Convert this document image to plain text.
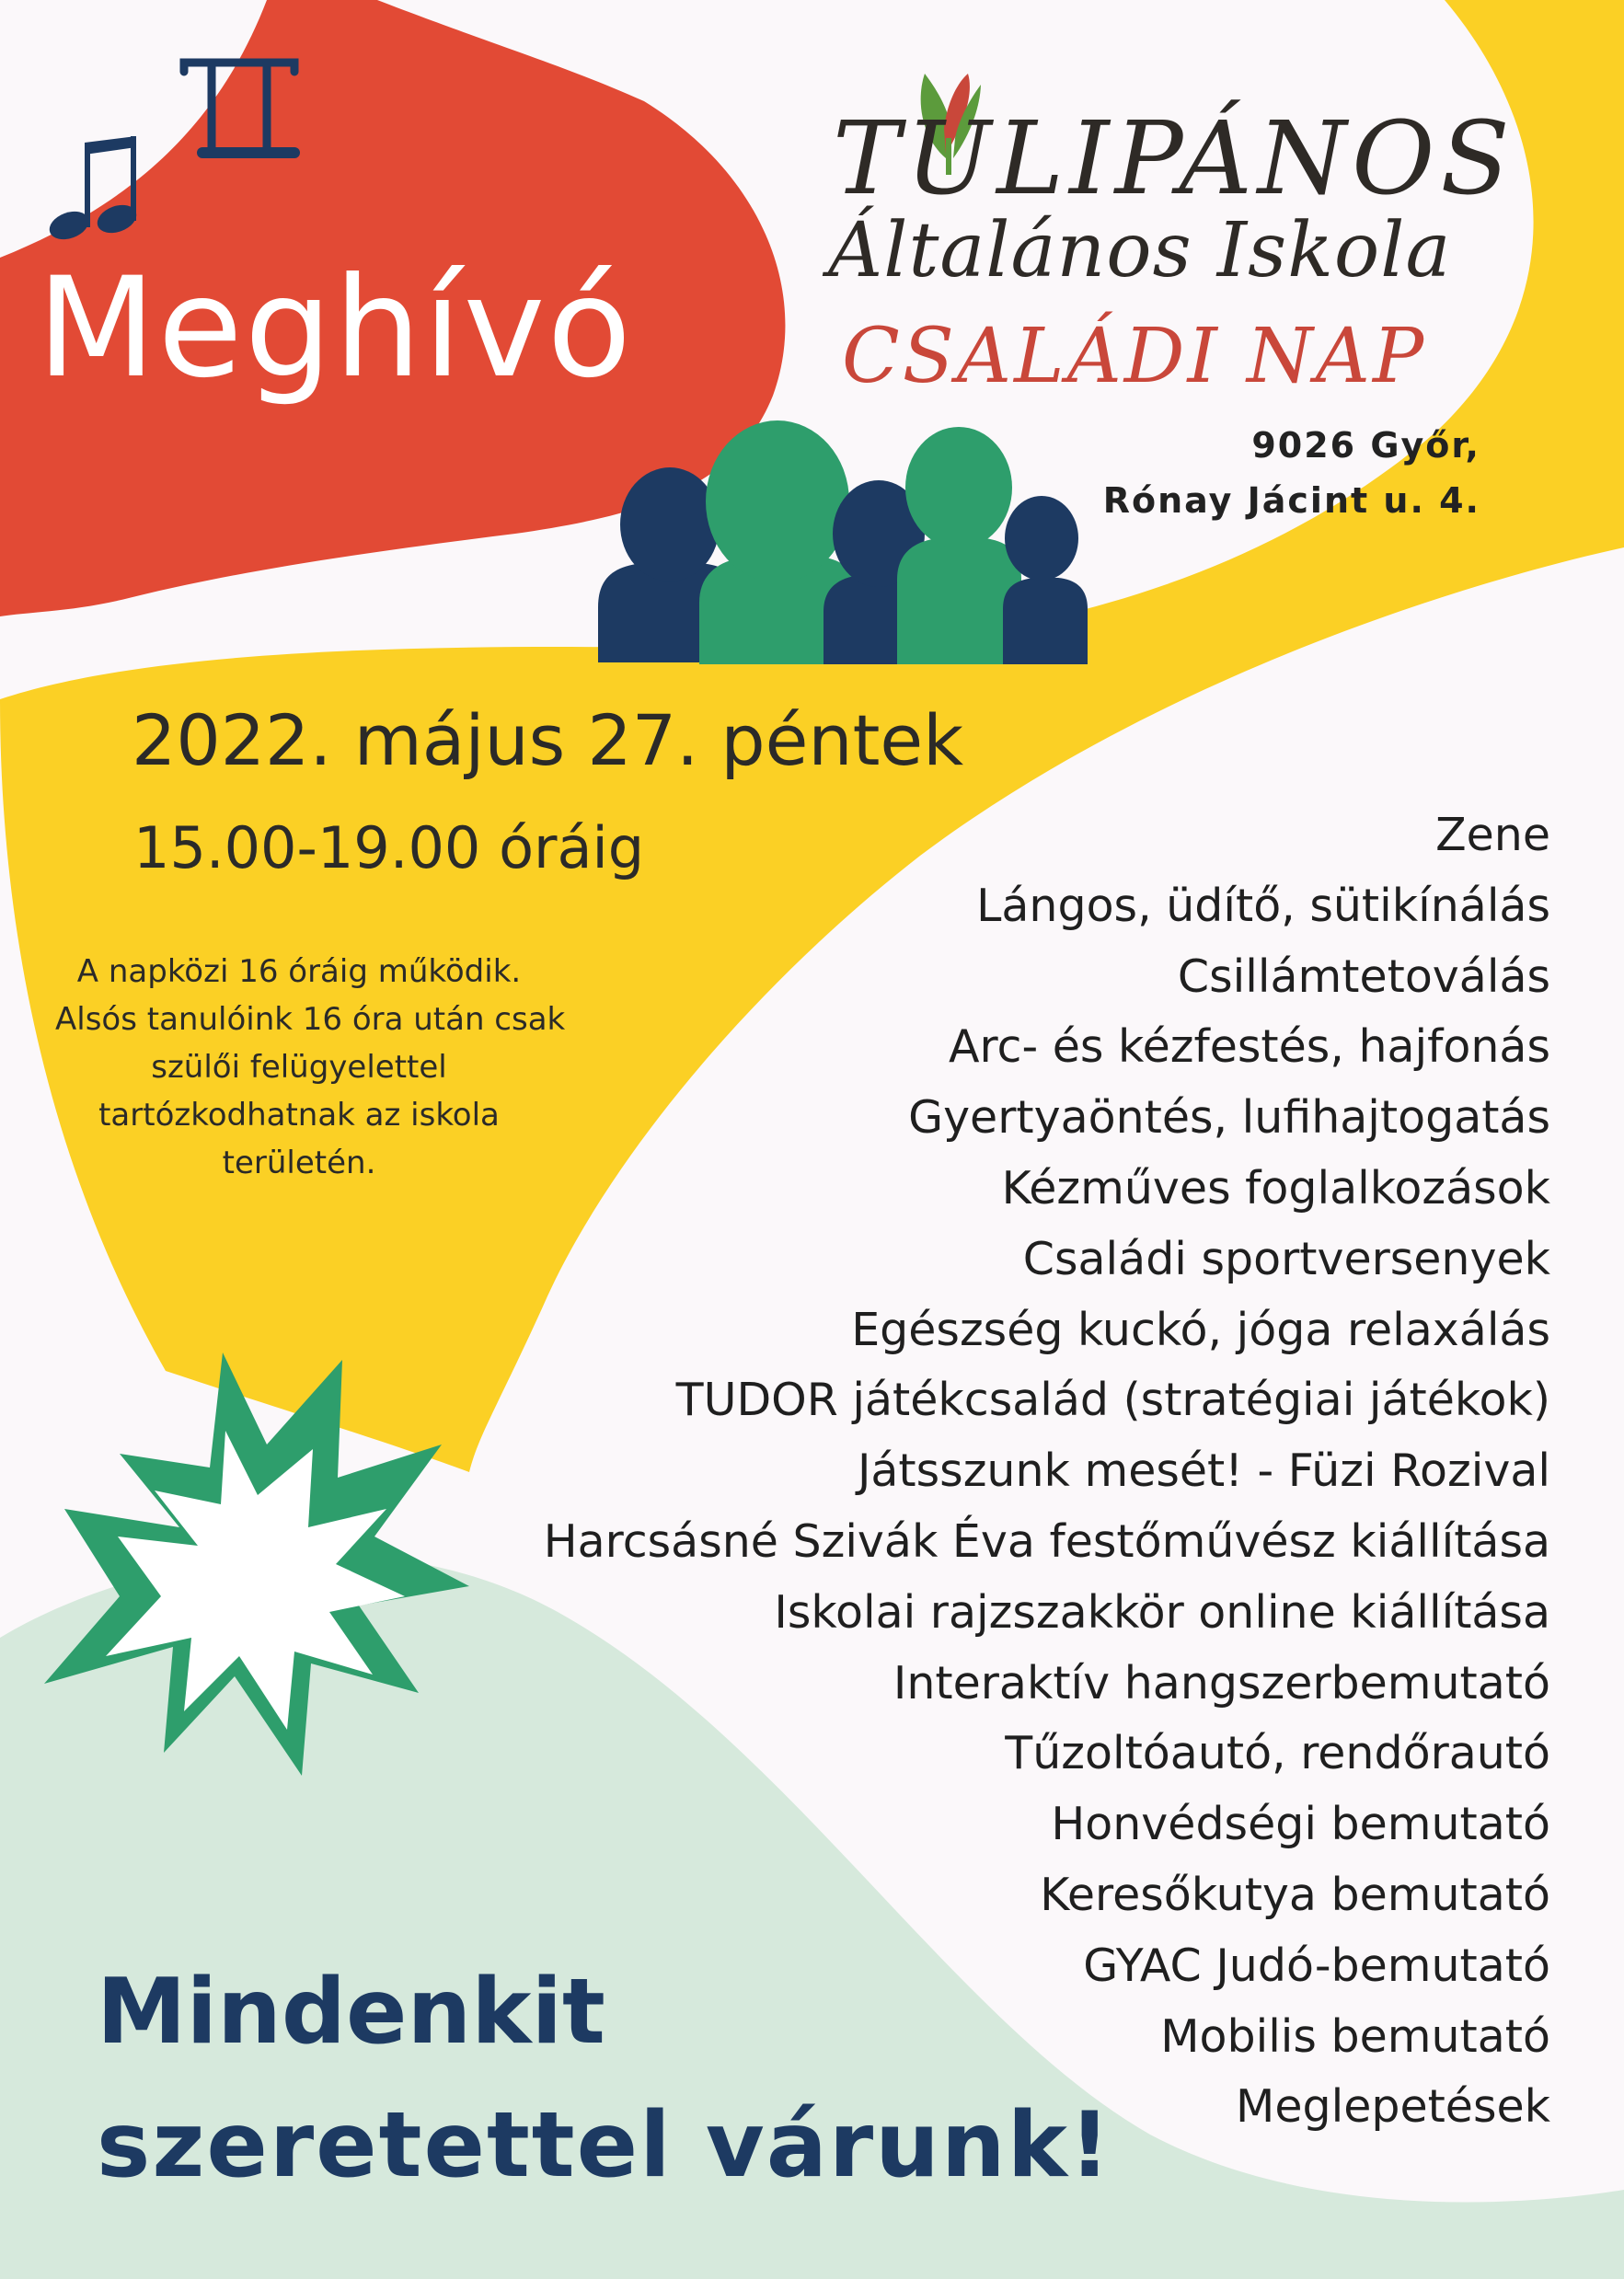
Meghívó
TULIPÁNOS
Általános Iskola
CSALÁDI NAP
9026 Győr,
Rónay Jácint u. 4.
2022. május 27. péntek
15.00-19.00 óráig
A napközi 16 óráig működik.
Alsós tanulóink 16 óra után csak
szülői felügyelettel
tartózkodhatnak az iskola
területén.
Zene
Lángos, üdítő, sütikínálás
Csillámtetoválás
Arc- és kézfestés, hajfonás
Gyertyaöntés, lufihajtogatás
Kézműves foglalkozások
Családi sportversenyek
Egészség kuckó, jóga relaxálás
TUDOR játékcsalád (stratégiai játékok)
Játsszunk mesét! - Füzi Rozival
Harcsásné Szivák Éva festőművész kiállítása
Iskolai rajzszakkör online kiállítása
Interaktív hangszerbemutató
Tűzoltóautó, rendőrautó
Honvédségi bemutató
Keresőkutya bemutató
GYAC Judó-bemutató
Mobilis bemutató
Meglepetések
Mindenkit
szeretettel várunk!
